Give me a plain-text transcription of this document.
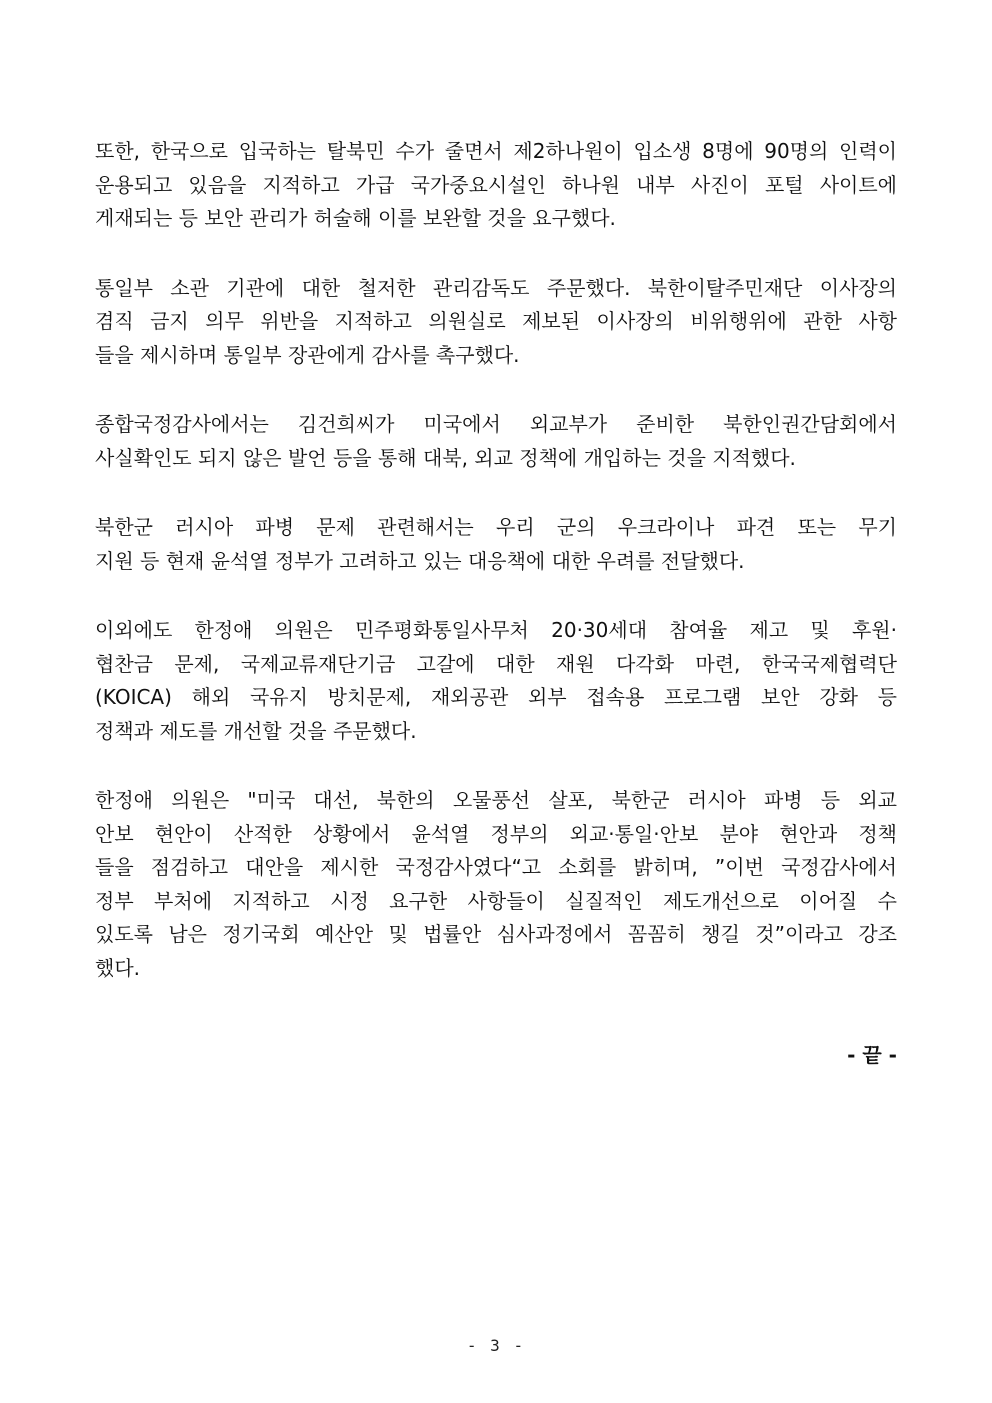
또한, 한국으로 입국하는 탈북민 수가 줄면서 제2하나원이 입소생 8명에 90명의 인력이
운용되고 있음을 지적하고 가급 국가중요시설인 하나원 내부 사진이 포털 사이트에
게재되는 등 보안 관리가 허술해 이를 보완할 것을 요구했다.
통일부 소관 기관에 대한 철저한 관리감독도 주문했다. 북한이탈주민재단 이사장의
겸직 금지 의무 위반을 지적하고 의원실로 제보된 이사장의 비위행위에 관한 사항
들을 제시하며 통일부 장관에게 감사를 촉구했다.
종합국정감사에서는 김건희씨가 미국에서 외교부가 준비한 북한인권간담회에서
사실확인도 되지 않은 발언 등을 통해 대북, 외교 정책에 개입하는 것을 지적했다.
북한군 러시아 파병 문제 관련해서는 우리 군의 우크라이나 파견 또는 무기
지원 등 현재 윤석열 정부가 고려하고 있는 대응책에 대한 우려를 전달했다.
이외에도 한정애 의원은 민주평화통일사무처 20·30세대 참여율 제고 및 후원·
협찬금 문제, 국제교류재단기금 고갈에 대한 재원 다각화 마련, 한국국제협력단
(KOICA) 해외 국유지 방치문제, 재외공관 외부 접속용 프로그램 보안 강화 등
정책과 제도를 개선할 것을 주문했다.
한정애 의원은 "미국 대선, 북한의 오물풍선 살포, 북한군 러시아 파병 등 외교
안보 현안이 산적한 상황에서 윤석열 정부의 외교·통일·안보 분야 현안과 정책
들을 점검하고 대안을 제시한 국정감사였다“고 소회를 밝히며, ”이번 국정감사에서
정부 부처에 지적하고 시정 요구한 사항들이 실질적인 제도개선으로 이어질 수
있도록 남은 정기국회 예산안 및 법률안 심사과정에서 꼼꼼히 챙길 것”이라고 강조
했다.
- 끝 -
- 3 -
